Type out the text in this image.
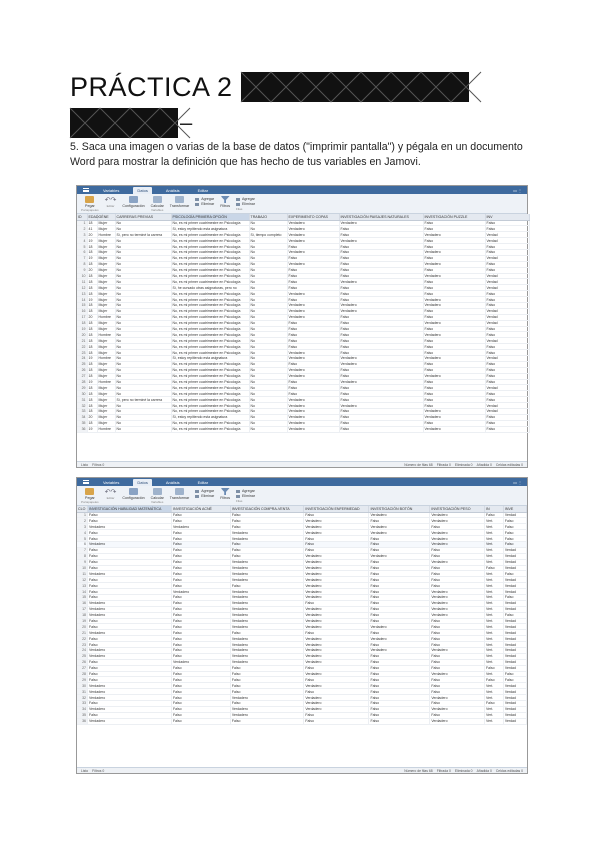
PRÁCTICA 2
–

5. Saca una imagen o varias de la base de datos ("imprimir pantalla") y pégala en un documento Word para mostrar la definición que has hecho de tus variables en Jamovi.

Variables	Datos	Análisis	Editar	▭ ⋮
Pegar
Portapapeles
↶↷
Editar Configuración Calcular
Variables
Transformar
Agregar
Eliminar Filtros
Agregar
Eliminar
Filas
ID	EDAD	GÉNE	CARRERAS PREVIAS	PSICOLOGÍA PRIMERA OPCIÓN	TRABAJO	EXPERIMENTO COPAS	INVESTIGACIÓN PAISAJES NATURALES	INVESTIGACIÓN PUZZLE	INV
1	18	Mujer	No	No, es mi primer cuatrimestre en Psicología	No	Verdadero	Verdadero	Falso	Falso
2	41	Mujer	No	Sí, estoy repitiendo esta asignatura	No	Verdadero	Falso	Falso	Falso
3	20	Hombre	Sí, pero no terminé la carrera	No, es mi primer cuatrimestre en Psicología	Sí, tiempo completo	Verdadero	Falso	Verdadero	Verdad
4	19	Mujer	No	No, es mi primer cuatrimestre en Psicología	No	Verdadero	Verdadero	Falso	Verdad
5	18	Mujer	No	No, es mi primer cuatrimestre en Psicología	No	Falso	Falso	Falso	Falso
6	18	Mujer	No	No, es mi primer cuatrimestre en Psicología	No	Verdadero	Falso	Verdadero	Falso
7	19	Mujer	No	No, es mi primer cuatrimestre en Psicología	No	Falso	Falso	Falso	Verdad
8	18	Mujer	No	No, es mi primer cuatrimestre en Psicología	No	Verdadero	Falso	Verdadero	Falso
9	20	Mujer	No	No, es mi primer cuatrimestre en Psicología	No	Falso	Falso	Falso	Falso
10	18	Mujer	No	No, es mi primer cuatrimestre en Psicología	No	Falso	Falso	Verdadero	Verdad
11	18	Mujer	No	No, es mi primer cuatrimestre en Psicología	No	Falso	Verdadero	Falso	Verdad
12	18	Mujer	No	Sí, he cursado otras asignaturas, pero no	No	Falso	Falso	Falso	Verdad
13	18	Mujer	No	No, es mi primer cuatrimestre en Psicología	No	Verdadero	Falso	Falso	Falso
14	19	Mujer	No	No, es mi primer cuatrimestre en Psicología	No	Falso	Falso	Verdadero	Falso
15	18	Mujer	No	No, es mi primer cuatrimestre en Psicología	No	Verdadero	Verdadero	Verdadero	Falso
16	18	Mujer	No	No, es mi primer cuatrimestre en Psicología	No	Verdadero	Verdadero	Falso	Verdad
17	20	Hombre	No	No, es mi primer cuatrimestre en Psicología	No	Verdadero	Falso	Falso	Verdad
18	18	Mujer	No	No, es mi primer cuatrimestre en Psicología	No	Falso	Falso	Verdadero	Verdad
19	18	Mujer	No	No, es mi primer cuatrimestre en Psicología	No	Falso	Falso	Falso	Falso
20	18	Hombre	No	No, es mi primer cuatrimestre en Psicología	No	Falso	Falso	Verdadero	Falso
21	18	Mujer	No	No, es mi primer cuatrimestre en Psicología	No	Falso	Falso	Falso	Verdad
22	18	Mujer	No	No, es mi primer cuatrimestre en Psicología	No	Falso	Falso	Falso	Falso
23	18	Mujer	No	No, es mi primer cuatrimestre en Psicología	No	Verdadero	Falso	Falso	Falso
24	19	Hombre	No	Sí, estoy repitiendo esta asignatura	No	Verdadero	Verdadero	Verdadero	Verdad
25	18	Mujer	No	No, es mi primer cuatrimestre en Psicología	No	Falso	Verdadero	Falso	Falso
26	18	Mujer	No	No, es mi primer cuatrimestre en Psicología	No	Verdadero	Falso	Falso	Falso
27	18	Mujer	No	No, es mi primer cuatrimestre en Psicología	No	Verdadero	Falso	Verdadero	Falso
28	19	Hombre	No	No, es mi primer cuatrimestre en Psicología	No	Falso	Verdadero	Falso	Falso
29	18	Mujer	No	No, es mi primer cuatrimestre en Psicología	No	Falso	Falso	Falso	Verdad
30	18	Mujer	No	No, es mi primer cuatrimestre en Psicología	No	Falso	Falso	Falso	Falso
31	18	Mujer	Sí, pero no terminé la carrera	No, es mi primer cuatrimestre en Psicología	No	Verdadero	Falso	Falso	Falso
32	18	Mujer	No	No, es mi primer cuatrimestre en Psicología	No	Verdadero	Verdadero	Falso	Verdad
33	18	Mujer	No	No, es mi primer cuatrimestre en Psicología	No	Verdadero	Falso	Verdadero	Verdad
34	20	Mujer	No	Sí, estoy repitiendo esta asignatura	No	Verdadero	Falso	Verdadero	Falso
35	18	Mujer	No	No, es mi primer cuatrimestre en Psicología	No	Verdadero	Falso	Falso	Falso
36	19	Hombre	No	No, es mi primer cuatrimestre en Psicología	No	Verdadero	Falso	Verdadero	Falso
Listo Filtros 0	Número de filas 68 Filtrada 0 Eliminada 0 Añadida 0 Celdas editadas 0
Variables	Datos	Análisis	Editar	▭ ⋮
Pegar
Portapapeles
↶↷
Editar Configuración Calcular
Variables
Transformar
Agregar
Eliminar Filtros
Agregar
Eliminar
Filas
CLO	INVESTIGACIÓN HABILIDAD MATEMÁTICA	INVESTIGACIÓN ACNÉ	INVESTIGACIÓN COMPRA-VENTA	INVESTIGACIÓN ENFERMEDAD	INVESTIGACIÓN BOTÓN	INVESTIGACIÓN PESO	IN	INVE
1	Falso	Falso	Falso	Falso	Verdadero	Verdadero	Falso	Verdad
2	Falso	Falso	Falso	Verdadero	Falso	Verdadero	Vert.	Falso
3	Verdadero	Verdadero	Falso	Verdadero	Verdadero	Falso	Vert.	Falso
4	Falso	Falso	Verdadero	Verdadero	Verdadero	Verdadero	Vert.	Falso
5	Falso	Falso	Verdadero	Falso	Falso	Verdadero	Vert.	Falso
6	Verdadero	Falso	Falso	Falso	Falso	Verdadero	Vert.	Falso
7	Falso	Falso	Falso	Falso	Falso	Falso	Vert.	Verdad
8	Falso	Falso	Falso	Verdadero	Verdadero	Falso	Vert.	Verdad
9	Falso	Falso	Verdadero	Verdadero	Falso	Verdadero	Vert.	Verdad
10	Falso	Falso	Verdadero	Verdadero	Falso	Falso	Falso	Verdad
11	Verdadero	Falso	Verdadero	Verdadero	Falso	Falso	Vert.	Falso
12	Falso	Falso	Verdadero	Verdadero	Falso	Falso	Vert.	Verdad
13	Falso	Falso	Falso	Verdadero	Falso	Falso	Vert.	Verdad
14	Falso	Verdadero	Verdadero	Verdadero	Falso	Verdadero	Vert.	Verdad
15	Falso	Falso	Verdadero	Verdadero	Falso	Verdadero	Vert.	Falso
16	Verdadero	Falso	Verdadero	Falso	Falso	Verdadero	Vert.	Verdad
17	Verdadero	Falso	Verdadero	Verdadero	Falso	Verdadero	Vert.	Verdad
18	Verdadero	Falso	Verdadero	Verdadero	Falso	Verdadero	Vert.	Falso
19	Falso	Falso	Verdadero	Verdadero	Falso	Falso	Vert.	Verdad
20	Falso	Falso	Verdadero	Verdadero	Verdadero	Falso	Vert.	Verdad
21	Verdadero	Falso	Falso	Falso	Falso	Falso	Vert.	Verdad
22	Falso	Falso	Verdadero	Verdadero	Verdadero	Falso	Vert.	Verdad
23	Falso	Falso	Verdadero	Verdadero	Falso	Falso	Vert.	Verdad
24	Verdadero	Falso	Verdadero	Verdadero	Verdadero	Verdadero	Vert.	Verdad
25	Verdadero	Falso	Verdadero	Verdadero	Falso	Falso	Vert.	Verdad
26	Falso	Verdadero	Verdadero	Verdadero	Falso	Falso	Vert.	Verdad
27	Falso	Falso	Falso	Falso	Falso	Falso	Falso	Verdad
28	Falso	Falso	Falso	Verdadero	Falso	Verdadero	Vert.	Falso
29	Falso	Falso	Falso	Falso	Falso	Falso	Falso	Falso
30	Verdadero	Falso	Falso	Verdadero	Falso	Falso	Vert.	Verdad
31	Verdadero	Falso	Falso	Falso	Falso	Falso	Vert.	Verdad
32	Verdadero	Falso	Verdadero	Verdadero	Falso	Verdadero	Vert.	Verdad
33	Falso	Falso	Falso	Verdadero	Falso	Falso	Falso	Verdad
34	Verdadero	Falso	Verdadero	Verdadero	Falso	Verdadero	Vert.	Verdad
35	Falso	Falso	Verdadero	Falso	Falso	Falso	Vert.	Verdad
36	Verdadero	Falso	Falso	Falso	Falso	Verdadero	Vert.	Verdad
Listo Filtros 0	Número de filas 68 Filtrada 0 Eliminada 0 Añadida 0 Celdas editadas 0
